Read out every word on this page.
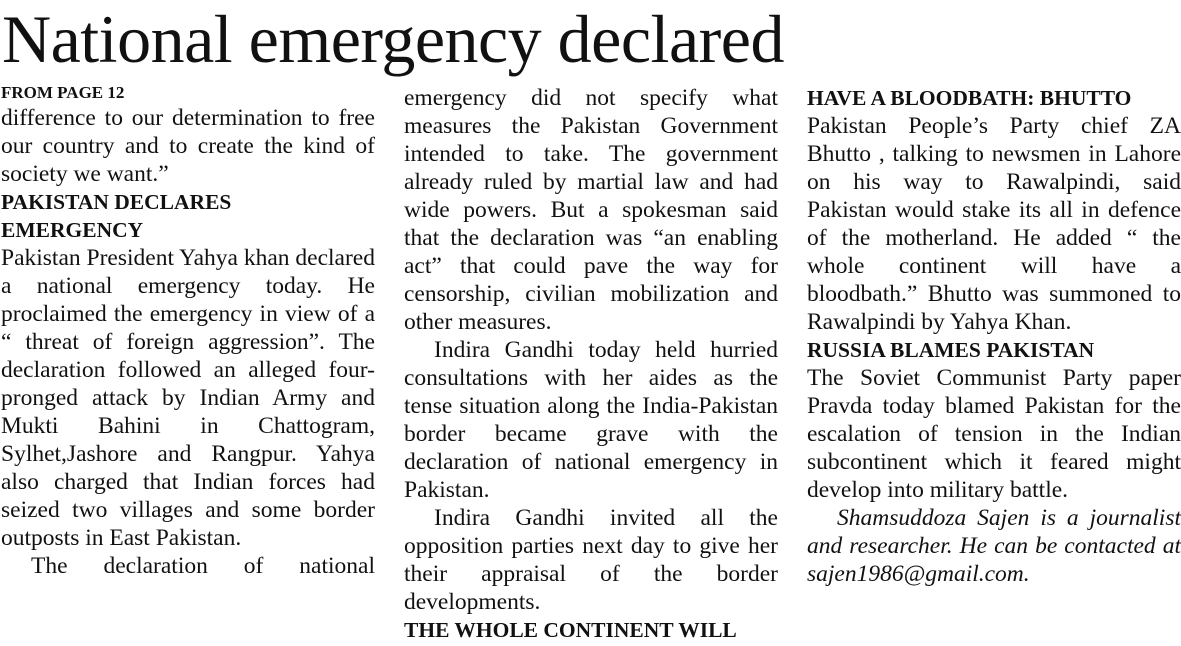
National emergency declared
FROM PAGE 12

difference to our determination to free our country and to create the kind of society we want.”

PAKISTAN DECLARES
EMERGENCY

Pakistan President Yahya khan declared a national emergency today. He proclaimed the emergency in view of a “ threat of foreign aggression”. The declaration followed an alleged four-pronged attack by Indian Army and Mukti Bahini in Chattogram, Sylhet,Jashore and Rangpur. Yahya also charged that Indian forces had seized two villages and some border outposts in East Pakistan.

The declaration of national

emergency did not specify what measures the Pakistan Government intended to take. The government already ruled by martial law and had wide powers. But a spokesman said that the declaration was “an enabling act” that could pave the way for censorship, civilian mobilization and other measures.

Indira Gandhi today held hurried consultations with her aides as the tense situation along the India-Pakistan border became grave with the declaration of national emergency in Pakistan.

Indira Gandhi invited all the opposition parties next day to give her their appraisal of the border developments.

THE WHOLE CONTINENT WILL
HAVE A BLOODBATH: BHUTTO

Pakistan People’s Party chief ZA Bhutto , talking to newsmen in Lahore on his way to Rawalpindi, said Pakistan would stake its all in defence of the motherland. He added “ the whole continent will have a bloodbath.” Bhutto was summoned to Rawalpindi by Yahya Khan.

RUSSIA BLAMES PAKISTAN

The Soviet Communist Party paper Pravda today blamed Pakistan for the escalation of tension in the Indian subcontinent which it feared might develop into military battle.

Shamsuddoza Sajen is a journalist and researcher. He can be contacted at sajen1986@gmail.com.
